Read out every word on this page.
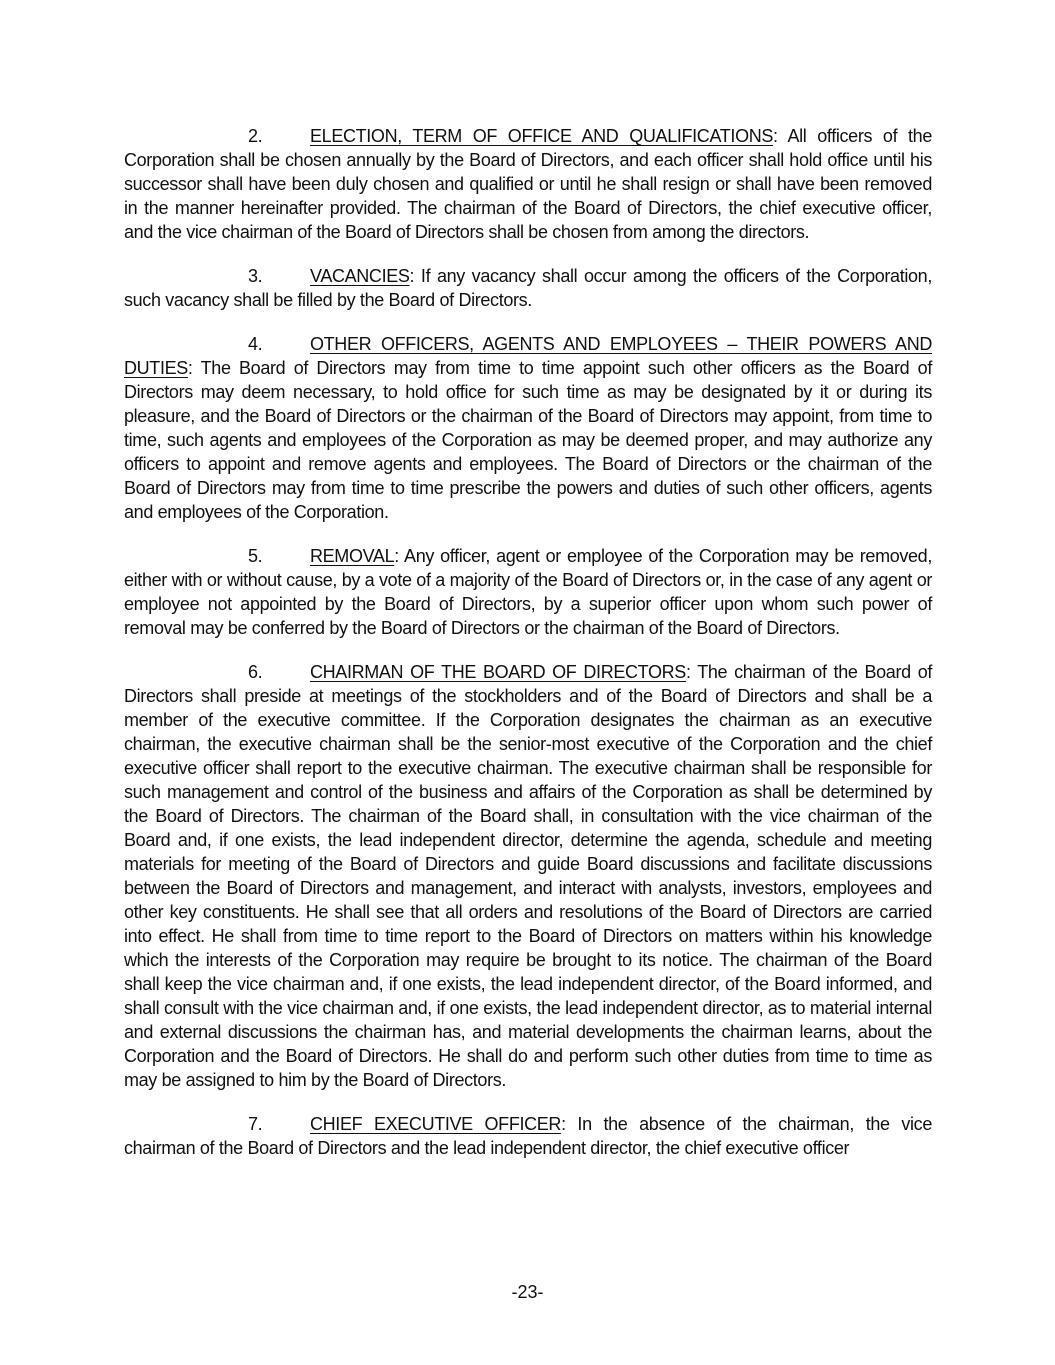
2.	ELECTION, TERM OF OFFICE AND QUALIFICATIONS: All officers of the Corporation shall be chosen annually by the Board of Directors, and each officer shall hold office until his successor shall have been duly chosen and qualified or until he shall resign or shall have been removed in the manner hereinafter provided. The chairman of the Board of Directors, the chief executive officer, and the vice chairman of the Board of Directors shall be chosen from among the directors.

3.	VACANCIES: If any vacancy shall occur among the officers of the Corporation, such vacancy shall be filled by the Board of Directors.

4.	OTHER OFFICERS, AGENTS AND EMPLOYEES – THEIR POWERS AND DUTIES: The Board of Directors may from time to time appoint such other officers as the Board of Directors may deem necessary, to hold office for such time as may be designated by it or during its pleasure, and the Board of Directors or the chairman of the Board of Directors may appoint, from time to time, such agents and employees of the Corporation as may be deemed proper, and may authorize any officers to appoint and remove agents and employees. The Board of Directors or the chairman of the Board of Directors may from time to time prescribe the powers and duties of such other officers, agents and employees of the Corporation.

5.	REMOVAL: Any officer, agent or employee of the Corporation may be removed, either with or without cause, by a vote of a majority of the Board of Directors or, in the case of any agent or employee not appointed by the Board of Directors, by a superior officer upon whom such power of removal may be conferred by the Board of Directors or the chairman of the Board of Directors.

6.	CHAIRMAN OF THE BOARD OF DIRECTORS: The chairman of the Board of Directors shall preside at meetings of the stockholders and of the Board of Directors and shall be a member of the executive committee. If the Corporation designates the chairman as an executive chairman, the executive chairman shall be the senior-most executive of the Corporation and the chief executive officer shall report to the executive chairman. The executive chairman shall be responsible for such management and control of the business and affairs of the Corporation as shall be determined by the Board of Directors. The chairman of the Board shall, in consultation with the vice chairman of the Board and, if one exists, the lead independent director, determine the agenda, schedule and meeting materials for meeting of the Board of Directors and guide Board discussions and facilitate discussions between the Board of Directors and management, and interact with analysts, investors, employees and other key constituents. He shall see that all orders and resolutions of the Board of Directors are carried into effect. He shall from time to time report to the Board of Directors on matters within his knowledge which the interests of the Corporation may require be brought to its notice. The chairman of the Board shall keep the vice chairman and, if one exists, the lead independent director, of the Board informed, and shall consult with the vice chairman and, if one exists, the lead independent director, as to material internal and external discussions the chairman has, and material developments the chairman learns, about the Corporation and the Board of Directors. He shall do and perform such other duties from time to time as may be assigned to him by the Board of Directors.

7.	CHIEF EXECUTIVE OFFICER: In the absence of the chairman, the vice chairman of the Board of Directors and the lead independent director, the chief executive officer

-23-
